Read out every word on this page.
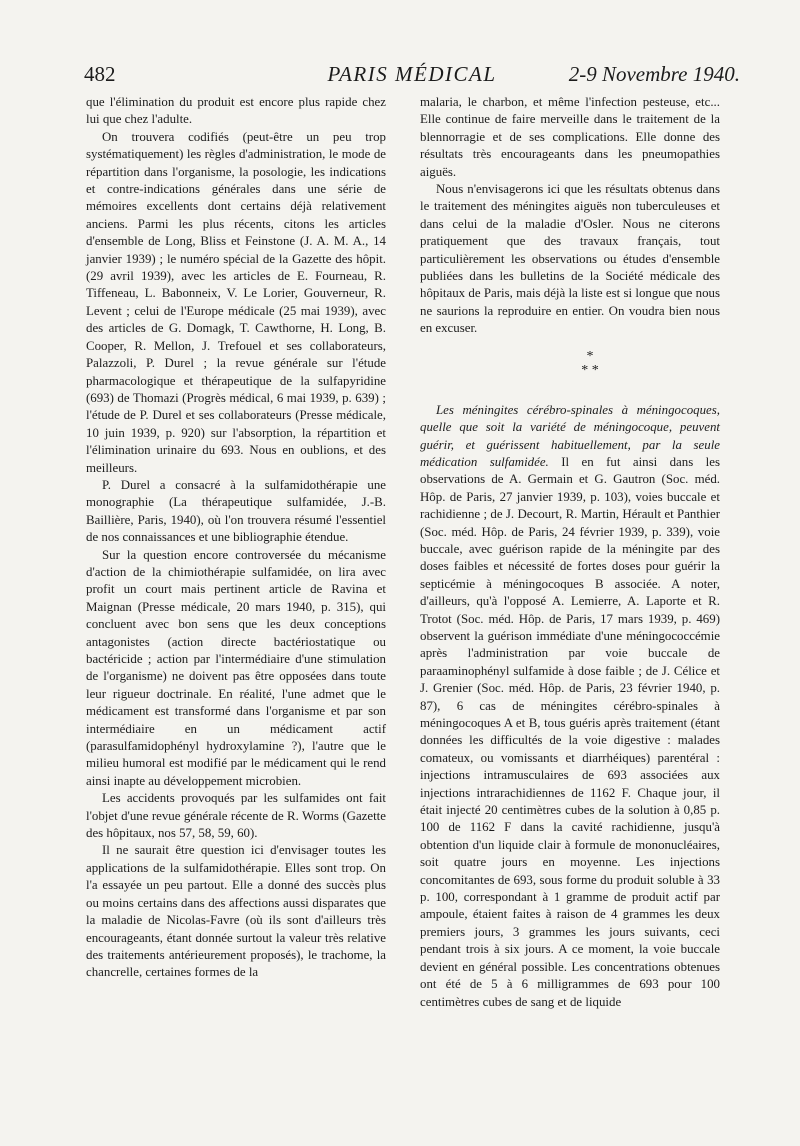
482	PARIS MÉDICAL	2-9 Novembre 1940.

que l'élimination du produit est encore plus rapide chez lui que chez l'adulte.

On trouvera codifiés (peut-être un peu trop systématiquement) les règles d'administration, le mode de répartition dans l'organisme, la posologie, les indications et contre-indications générales dans une série de mémoires excellents dont certains déjà relativement anciens. Parmi les plus récents, citons les articles d'ensemble de Long, Bliss et Feinstone (J. A. M. A., 14 janvier 1939) ; le numéro spécial de la Gazette des hôpit. (29 avril 1939), avec les articles de E. Fourneau, R. Tiffeneau, L. Babonneix, V. Le Lorier, Gouverneur, R. Levent ; celui de l'Europe médicale (25 mai 1939), avec des articles de G. Domagk, T. Cawthorne, H. Long, B. Cooper, R. Mellon, J. Trefouel et ses collaborateurs, Palazzoli, P. Durel ; la revue générale sur l'étude pharmacologique et thérapeutique de la sulfapyridine (693) de Thomazi (Progrès médical, 6 mai 1939, p. 639) ; l'étude de P. Durel et ses collaborateurs (Presse médicale, 10 juin 1939, p. 920) sur l'absorption, la répartition et l'élimination urinaire du 693. Nous en oublions, et des meilleurs.

P. Durel a consacré à la sulfamidothérapie une monographie (La thérapeutique sulfamidée, J.-B. Baillière, Paris, 1940), où l'on trouvera résumé l'essentiel de nos connaissances et une bibliographie étendue.

Sur la question encore controversée du mécanisme d'action de la chimiothérapie sulfamidée, on lira avec profit un court mais pertinent article de Ravina et Maignan (Presse médicale, 20 mars 1940, p. 315), qui concluent avec bon sens que les deux conceptions antagonistes (action directe bactériostatique ou bactéricide ; action par l'intermédiaire d'une stimulation de l'organisme) ne doivent pas être opposées dans toute leur rigueur doctrinale. En réalité, l'une admet que le médicament est transformé dans l'organisme et par son intermédiaire en un médicament actif (parasulfamidophényl hydroxylamine ?), l'autre que le milieu humoral est modifié par le médicament qui le rend ainsi inapte au développement microbien.

Les accidents provoqués par les sulfamides ont fait l'objet d'une revue générale récente de R. Worms (Gazette des hôpitaux, nos 57, 58, 59, 60).

Il ne saurait être question ici d'envisager toutes les applications de la sulfamidothérapie. Elles sont trop. On l'a essayée un peu partout. Elle a donné des succès plus ou moins certains dans des affections aussi disparates que la maladie de Nicolas-Favre (où ils sont d'ailleurs très encourageants, étant donnée surtout la valeur très relative des traitements antérieurement proposés), le trachome, la chancrelle, certaines formes de la

malaria, le charbon, et même l'infection pesteuse, etc... Elle continue de faire merveille dans le traitement de la blennorragie et de ses complications. Elle donne des résultats très encourageants dans les pneumopathies aiguës.

Nous n'envisagerons ici que les résultats obtenus dans le traitement des méningites aiguës non tuberculeuses et dans celui de la maladie d'Osler. Nous ne citerons pratiquement que des travaux français, tout particulièrement les observations ou études d'ensemble publiées dans les bulletins de la Société médicale des hôpitaux de Paris, mais déjà la liste est si longue que nous ne saurions la reproduire en entier. On voudra bien nous en excuser.

*
* *

Les méningites cérébro-spinales à méningocoques, quelle que soit la variété de méningocoque, peuvent guérir, et guérissent habituellement, par la seule médication sulfamidée. Il en fut ainsi dans les observations de A. Germain et G. Gautron (Soc. méd. Hôp. de Paris, 27 janvier 1939, p. 103), voies buccale et rachidienne ; de J. Decourt, R. Martin, Hérault et Panthier (Soc. méd. Hôp. de Paris, 24 février 1939, p. 339), voie buccale, avec guérison rapide de la méningite par des doses faibles et nécessité de fortes doses pour guérir la septicémie à méningocoques B associée. A noter, d'ailleurs, qu'à l'opposé A. Lemierre, A. Laporte et R. Trotot (Soc. méd. Hôp. de Paris, 17 mars 1939, p. 469) observent la guérison immédiate d'une méningococcémie après l'administration par voie buccale de paraaminophényl sulfamide à dose faible ; de J. Célice et J. Grenier (Soc. méd. Hôp. de Paris, 23 février 1940, p. 87), 6 cas de méningites cérébro-spinales à méningocoques A et B, tous guéris après traitement (étant données les difficultés de la voie digestive : malades comateux, ou vomissants et diarrhéiques) parentéral : injections intramusculaires de 693 associées aux injections intrarachidiennes de 1162 F. Chaque jour, il était injecté 20 centimètres cubes de la solution à 0,85 p. 100 de 1162 F dans la cavité rachidienne, jusqu'à obtention d'un liquide clair à formule de mononucléaires, soit quatre jours en moyenne. Les injections concomitantes de 693, sous forme du produit soluble à 33 p. 100, correspondant à 1 gramme de produit actif par ampoule, étaient faites à raison de 4 grammes les deux premiers jours, 3 grammes les jours suivants, ceci pendant trois à six jours. A ce moment, la voie buccale devient en général possible. Les concentrations obtenues ont été de 5 à 6 milligrammes de 693 pour 100 centimètres cubes de sang et de liquide
